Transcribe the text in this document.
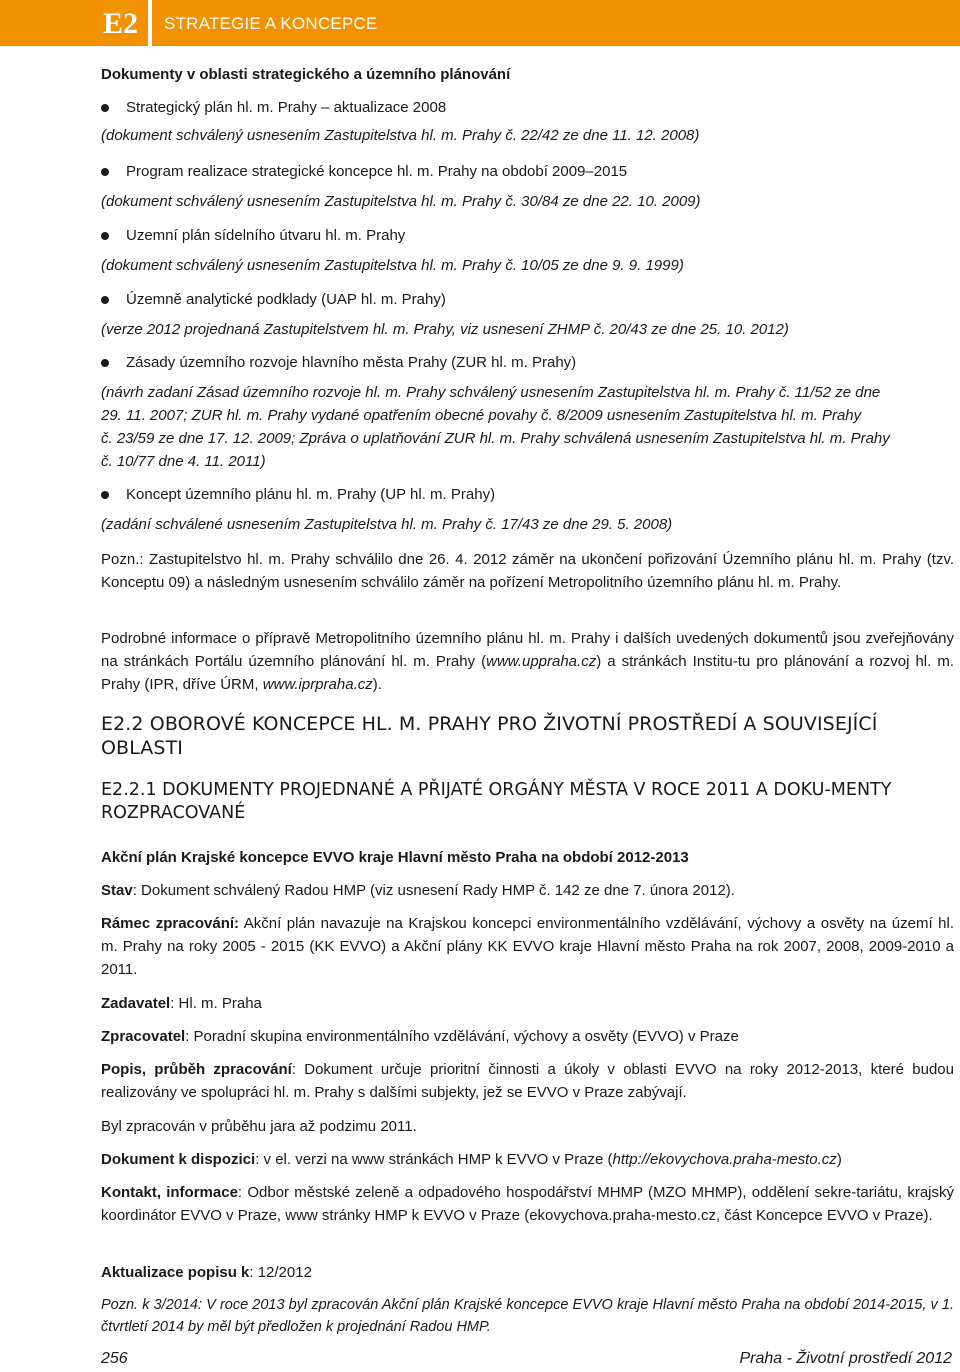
E2 STRATEGIE A KONCEPCE
Dokumenty v oblasti strategického a územního plánování
Strategický plán hl. m. Prahy – aktualizace 2008
(dokument schválený usnesením Zastupitelstva hl. m. Prahy č. 22/42 ze dne 11. 12. 2008)
Program realizace strategické koncepce hl. m. Prahy na období 2009–2015
(dokument schválený usnesením Zastupitelstva hl. m. Prahy č. 30/84 ze dne 22. 10. 2009)
Uzemní plán sídelního útvaru hl. m. Prahy
(dokument schválený usnesením Zastupitelstva hl. m. Prahy č. 10/05 ze dne 9. 9. 1999)
Územně analytické podklady (UAP hl. m. Prahy)
(verze 2012 projednaná Zastupitelstvem hl. m. Prahy, viz usnesení ZHMP č. 20/43 ze dne 25. 10. 2012)
Zásady územního rozvoje hlavního města Prahy (ZUR hl. m. Prahy)
(návrh zadaní Zásad územního rozvoje hl. m. Prahy schválený usnesením Zastupitelstva hl. m. Prahy č. 11/52 ze dne
29. 11. 2007; ZUR hl. m. Prahy vydané opatřením obecné povahy č. 8/2009 usnesením Zastupitelstva hl. m. Prahy
č. 23/59 ze dne 17. 12. 2009; Zpráva o uplatňování ZUR hl. m. Prahy schválená usnesením Zastupitelstva hl. m. Prahy
č. 10/77 dne 4. 11. 2011)
Koncept územního plánu hl. m. Prahy (UP hl. m. Prahy)
(zadání schválené usnesením Zastupitelstva hl. m. Prahy č. 17/43 ze dne 29. 5. 2008)
Pozn.: Zastupitelstvo hl. m. Prahy schválilo dne 26. 4. 2012 záměr na ukončení pořizování Územního plánu hl. m. Prahy (tzv. Konceptu 09) a následným usnesením schválilo záměr na pořízení Metropolitního územního plánu hl. m. Prahy.
Podrobné informace o přípravě Metropolitního územního plánu hl. m. Prahy i dalších uvedených dokumentů jsou zveřejňovány na stránkách Portálu územního plánování hl. m. Prahy (www.uppraha.cz) a stránkách Institu-tu pro plánování a rozvoj hl. m. Prahy (IPR, dříve ÚRM, www.iprpraha.cz).
E2.2 OBOROVÉ KONCEPCE HL. M. PRAHY PRO ŽIVOTNÍ PROSTŘEDÍ A SOUVISEJÍCÍ OBLASTI
E2.2.1 DOKUMENTY PROJEDNANÉ A PŘIJATÉ ORGÁNY MĚSTA V ROCE 2011 A DOKU-MENTY ROZPRACOVANÉ
Akční plán Krajské koncepce EVVO kraje Hlavní město Praha na období 2012-2013
Stav: Dokument schválený Radou HMP (viz usnesení Rady HMP č. 142 ze dne 7. února 2012).
Rámec zpracování: Akční plán navazuje na Krajskou koncepci environmentálního vzdělávání, výchovy a osvěty na území hl. m. Prahy na roky 2005 - 2015 (KK EVVO) a Akční plány KK EVVO kraje Hlavní město Praha na rok 2007, 2008, 2009-2010 a 2011.
Zadavatel: Hl. m. Praha
Zpracovatel: Poradní skupina environmentálního vzdělávání, výchovy a osvěty (EVVO) v Praze
Popis, průběh zpracování: Dokument určuje prioritní činnosti a úkoly v oblasti EVVO na roky 2012-2013, které budou realizovány ve spolupráci hl. m. Prahy s dalšími subjekty, jež se EVVO v Praze zabývají.
Byl zpracován v průběhu jara až podzimu 2011.
Dokument k dispozici: v el. verzi na www stránkách HMP k EVVO v Praze (http://ekovychova.praha-mesto.cz)
Kontakt, informace: Odbor městské zeleně a odpadového hospodářství MHMP (MZO MHMP), oddělení sekre-tariátu, krajský koordinátor EVVO v Praze, www stránky HMP k EVVO v Praze (ekovychova.praha-mesto.cz, část Koncepce EVVO v Praze).
Aktualizace popisu k: 12/2012
Pozn. k 3/2014: V roce 2013 byl zpracován Akční plán Krajské koncepce EVVO kraje Hlavní město Praha na období 2014-2015, v 1. čtvrtletí 2014 by měl být předložen k projednání Radou HMP.
256	Praha - Životní prostředí 2012
